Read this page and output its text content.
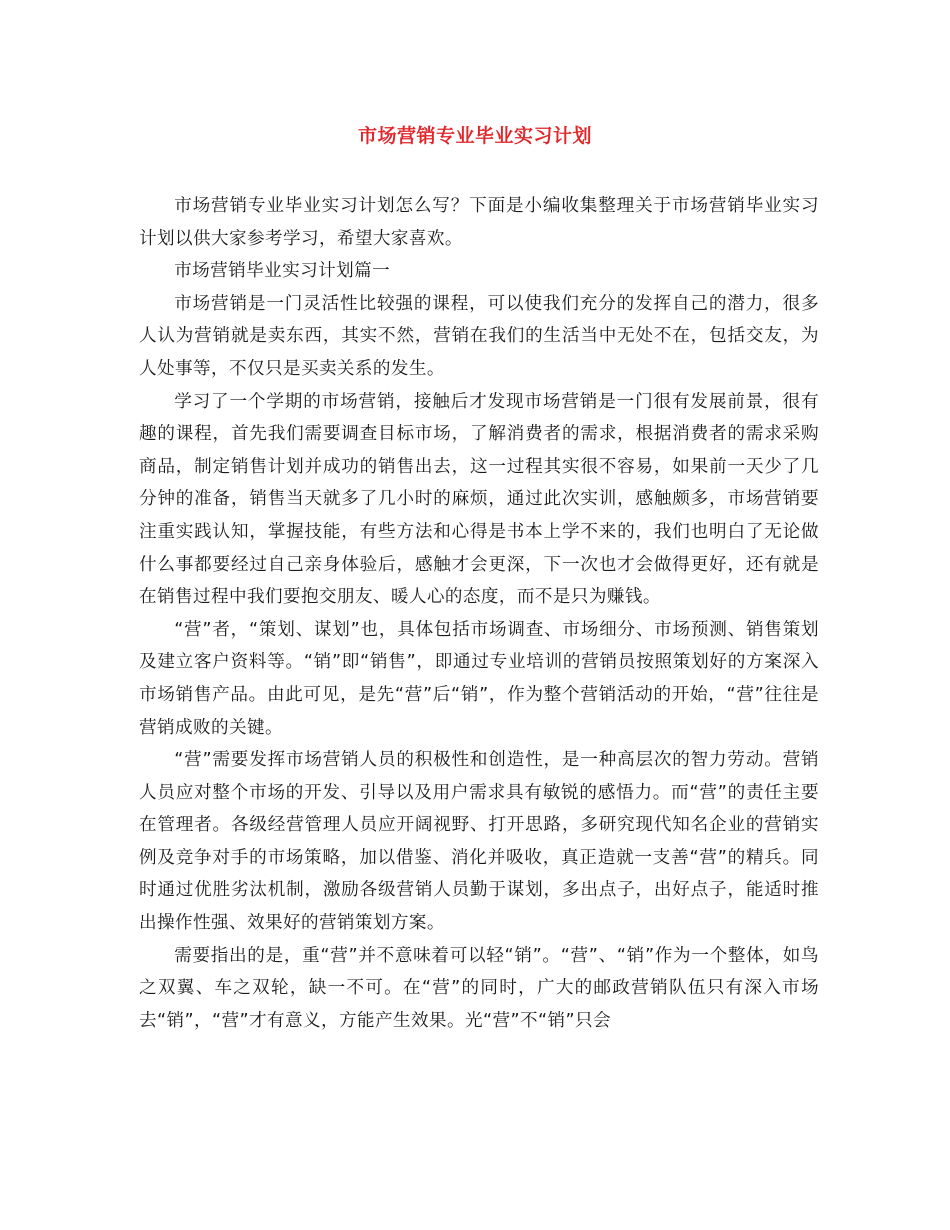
市场营销专业毕业实习计划

市场营销专业毕业实习计划怎么写？下面是小编收集整理关于市场营销毕业实习计划以供大家参考学习，希望大家喜欢。

市场营销毕业实习计划篇一

市场营销是一门灵活性比较强的课程，可以使我们充分的发挥自己的潜力，很多人认为营销就是卖东西，其实不然，营销在我们的生活当中无处不在，包括交友，为人处事等，不仅只是买卖关系的发生。

学习了一个学期的市场营销，接触后才发现市场营销是一门很有发展前景，很有趣的课程，首先我们需要调查目标市场，了解消费者的需求，根据消费者的需求采购商品，制定销售计划并成功的销售出去，这一过程其实很不容易，如果前一天少了几分钟的准备，销售当天就多了几小时的麻烦，通过此次实训，感触颇多，市场营销要注重实践认知，掌握技能，有些方法和心得是书本上学不来的，我们也明白了无论做什么事都要经过自己亲身体验后，感触才会更深，下一次也才会做得更好，还有就是在销售过程中我们要抱交朋友、暖人心的态度，而不是只为赚钱。

“营”者，“策划、谋划”也，具体包括市场调查、市场细分、市场预测、销售策划及建立客户资料等。“销”即“销售”，即通过专业培训的营销员按照策划好的方案深入市场销售产品。由此可见，是先“营”后“销”，作为整个营销活动的开始，“营”往往是营销成败的关键。

“营”需要发挥市场营销人员的积极性和创造性，是一种高层次的智力劳动。营销人员应对整个市场的开发、引导以及用户需求具有敏锐的感悟力。而“营”的责任主要在管理者。各级经营管理人员应开阔视野、打开思路，多研究现代知名企业的营销实例及竞争对手的市场策略，加以借鉴、消化并吸收，真正造就一支善“营”的精兵。同时通过优胜劣汰机制，激励各级营销人员勤于谋划，多出点子，出好点子，能适时推出操作性强、效果好的营销策划方案。

需要指出的是，重“营”并不意味着可以轻“销”。“营”、“销”作为一个整体，如鸟之双翼、车之双轮，缺一不可。在“营”的同时，广大的邮政营销队伍只有深入市场去“销”，“营”才有意义，方能产生效果。光“营”不“销”只会
